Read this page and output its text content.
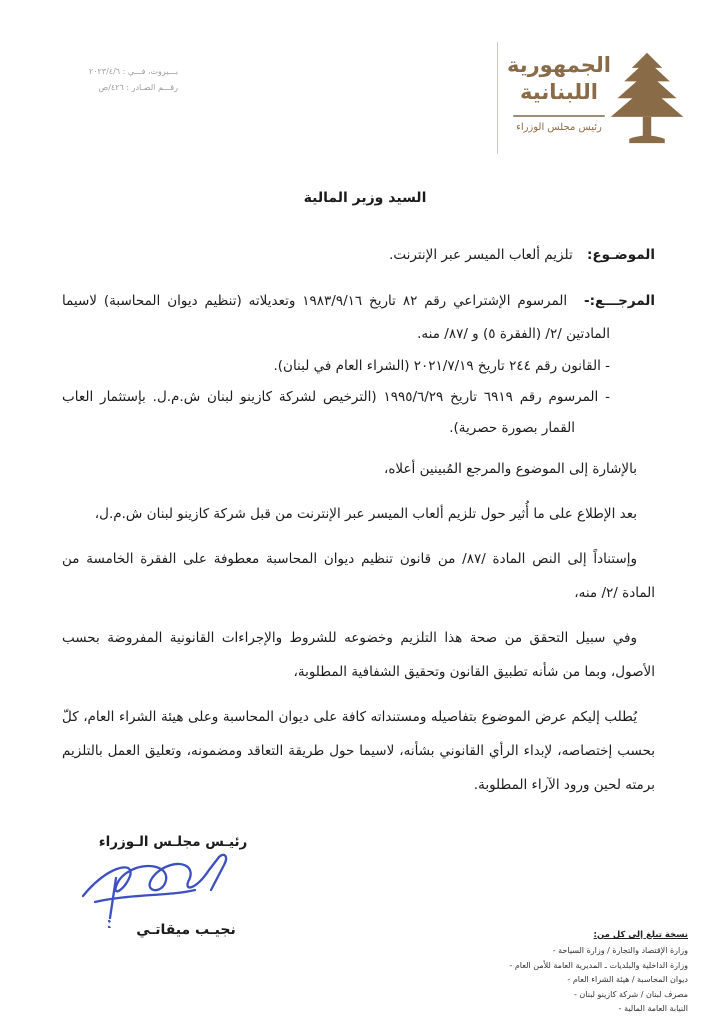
بـــيروت، فـــي : ٢٠٢٣/٤/٦
رقـــم الصـادر : ٤٢٦/ص
الجمهورية
اللبنانية
رئيس مجلس الوزراء
السيد وزير المالية

الموضـوع: تلزيم ألعاب الميسر عبر الإنترنت.

المرجـــع:- المرسوم الإشتراعي رقم ٨٢ تاريخ ١٩٨٣/٩/١٦ وتعديلاته (تنظيم ديوان المحاسبة) لاسيما المادتين /٢/ (الفقرة ٥) و /٨٧/ منه.

- القانون رقم ٢٤٤ تاريخ ٢٠٢١/٧/١٩ (الشراء العام في لبنان).

- المرسوم رقم ٦٩١٩ تاريخ ١٩٩٥/٦/٢٩ (الترخيص لشركة كازينو لبنان ش.م.ل. بإستثمار العاب القمار بصورة حصرية).

بالإشارة إلى الموضوع والمرجع المُبينين أعلاه،

بعد الإطلاع على ما أُثير حول تلزيم ألعاب الميسر عبر الإنترنت من قبل شركة كازينو لبنان ش.م.ل،

وإستناداً إلى النص المادة /٨٧/ من قانون تنظيم ديوان المحاسبة معطوفة على الفقرة الخامسة من المادة /٢/ منه،

وفي سبيل التحقق من صحة هذا التلزيم وخضوعه للشروط والإجراءات القانونية المفروضة بحسب الأصول، وبما من شأنه تطبيق القانون وتحقيق الشفافية المطلوبة،

يُطلب إليكم عرض الموضوع بتفاصيله ومستنداته كافة على ديوان المحاسبة وعلى هيئة الشراء العام، كلّ بحسب إختصاصه، لإبداء الرأي القانوني بشأنه، لاسيما حول طريقة التعاقد ومضمونه، وتعليق العمل بالتلزيم برمته لحين ورود الآراء المطلوبة.

رئيـس مجلـس الـوزراء
نجيـب ميقاتـي	نسخة تبلغ إلى كل من:
- وزارة الإقتصاد والتجارة / وزارة السياحة
- وزارة الداخلية والبلديات ـ المديرية العامة للأمن العام
- ديوان المحاسبة / هيئة الشراء العام
- مصرف لبنان / شركة كازينو لبنان
- النيابة العامة المالية
